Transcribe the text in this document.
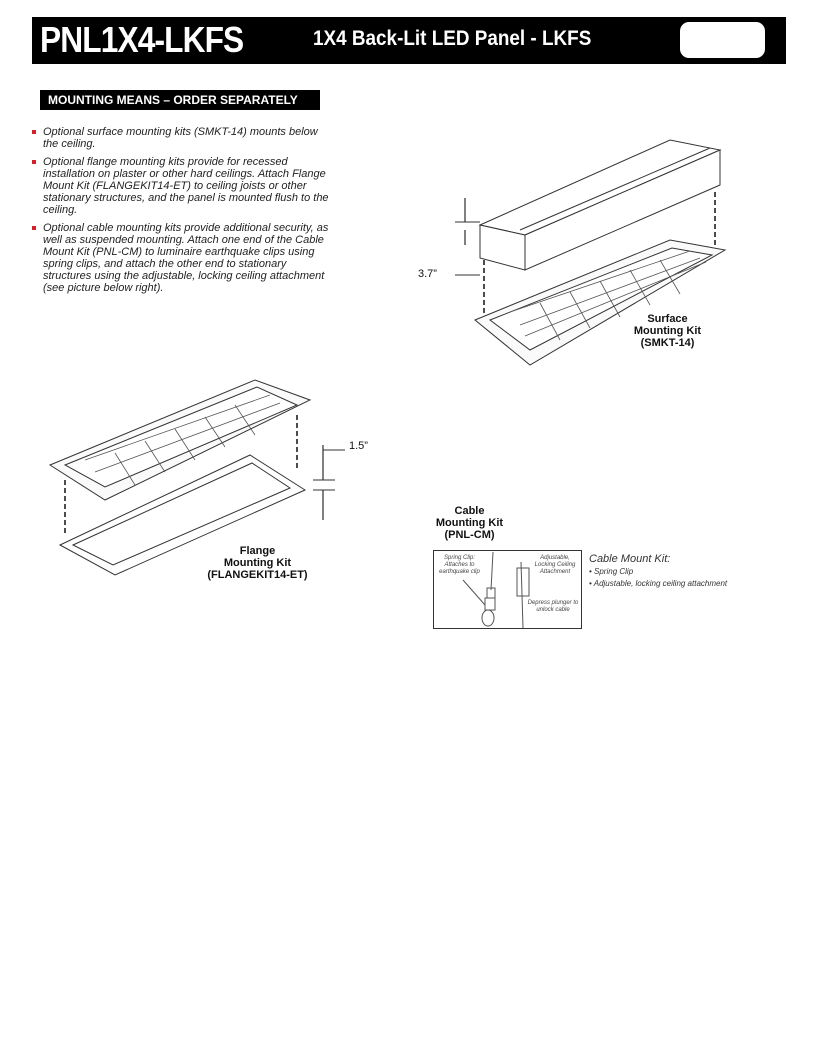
PNL1X4-LKFS	1X4 Back-Lit LED Panel - LKFS
MOUNTING MEANS – ORDER SEPARATELY
Optional surface mounting kits (SMKT-14) mounts below the ceiling.
Optional flange mounting kits provide for recessed installation on plaster or other hard ceilings. Attach Flange Mount Kit (FLANGEKIT14-ET) to ceiling joists or other stationary structures, and the panel is mounted flush to the ceiling.
Optional cable mounting kits provide additional security, as well as suspended mounting. Attach one end of the Cable Mount Kit (PNL-CM) to luminaire earthquake clips using spring clips, and attach the other end to stationary structures using the adjustable, locking ceiling attachment (see picture below right).
3.7”
Surface
Mounting Kit
(SMKT-14)
1.5”
Flange
Mounting Kit
(FLANGEKIT14-ET)
Cable
Mounting Kit
(PNL-CM)
Spring Clip: Attaches to earthquake clip
Adjustable, Locking Ceiling Attachment
Depress plunger to unlock cable
Cable Mount Kit:
• Spring Clip
• Adjustable, locking ceiling attachment
